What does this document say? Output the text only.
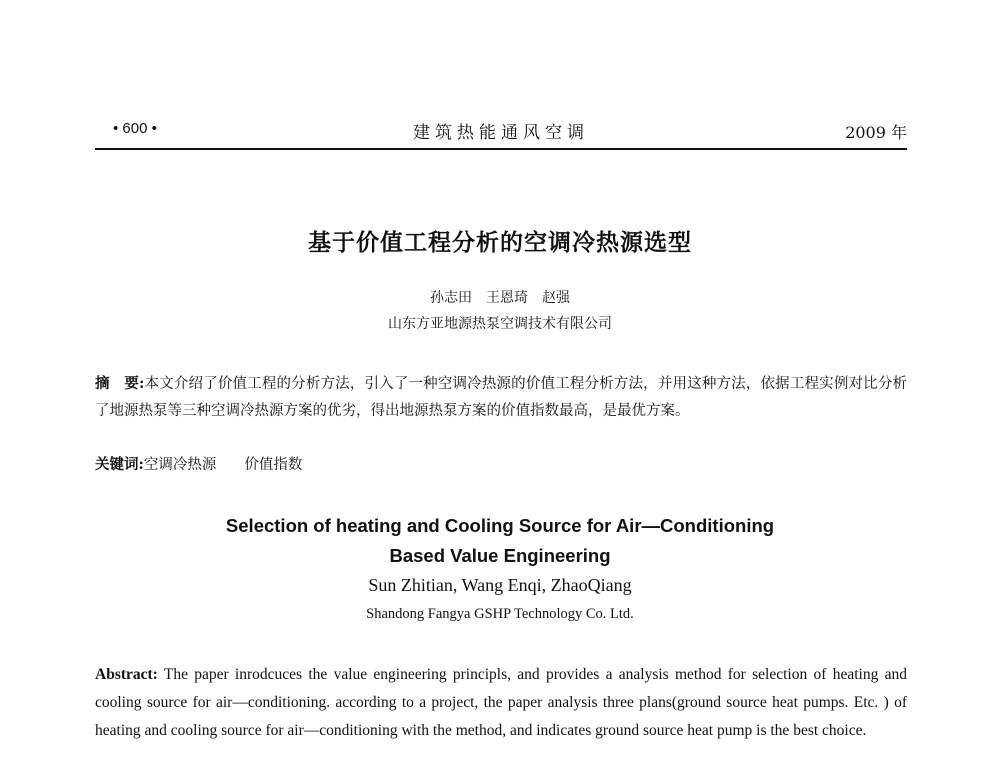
• 600 •	建筑热能通风空调	2009 年
基于价值工程分析的空调冷热源选型
孙志田　王恩琦　赵强
山东方亚地源热泵空调技术有限公司
摘　要:本文介绍了价值工程的分析方法，引入了一种空调冷热源的价值工程分析方法，并用这种方法，依据工程实例对比分析了地源热泵等三种空调冷热源方案的优劣，得出地源热泵方案的价值指数最高，是最优方案。
关键词:空调冷热源 价值指数
Selection of heating and Cooling Source for Air—Conditioning
Based Value Engineering
Sun Zhitian, Wang Enqi, ZhaoQiang
Shandong Fangya GSHP Technology Co. Ltd.
Abstract: The paper inrodcuces the value engineering principls, and provides a analysis method for selection of heating and cooling source for air—conditioning. according to a project, the paper analysis three plans(ground source heat pumps. Etc. ) of heating and cooling source for air—conditioning with the method, and indicates ground source heat pump is the best choice.
